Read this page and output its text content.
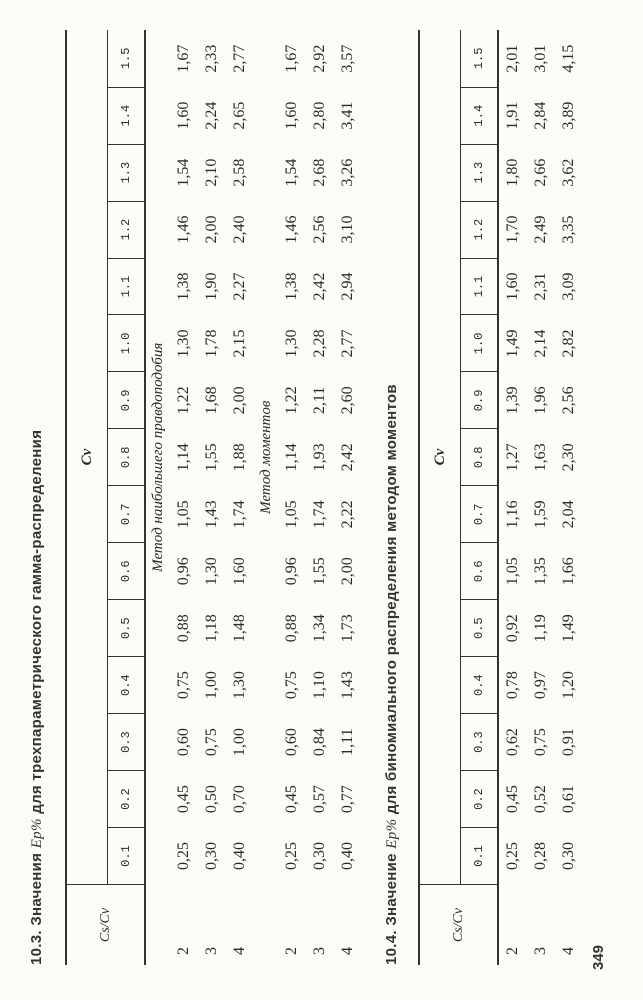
10.3. Значения Ep% для трехпараметрического гамма-распределения
Cs/Cv	Cv														
	0.1	0.2	0.3	0.4	0.5	0.6	0.7	0.8	0.9	1.0	1.1	1.2	1.3	1.4	1.5
	Метод наибольшего правдоподобия														
2	0,25	0,45	0,60	0,75	0,88	0,96	1,05	1,14	1,22	1,30	1,38	1,46	1,54	1,60	1,67
3	0,30	0,50	0,75	1,00	1,18	1,30	1,43	1,55	1,68	1,78	1,90	2,00	2,10	2,24	2,33
4	0,40	0,70	1,00	1,30	1,48	1,60	1,74	1,88	2,00	2,15	2,27	2,40	2,58	2,65	2,77
	Метод моментов														
2	0,25	0,45	0,60	0,75	0,88	0,96	1,05	1,14	1,22	1,30	1,38	1,46	1,54	1,60	1,67
3	0,30	0,57	0,84	1,10	1,34	1,55	1,74	1,93	2,11	2,28	2,42	2,56	2,68	2,80	2,92
4	0,40	0,77	1,11	1,43	1,73	2,00	2,22	2,42	2,60	2,77	2,94	3,10	3,26	3,41	3,57
10.4. Значение Ep% для биномиального распределения методом моментов
Cs/Cv	Cv														
	0.1	0.2	0.3	0.4	0.5	0.6	0.7	0.8	0.9	1.0	1.1	1.2	1.3	1.4	1.5
2	0,25	0,45	0,62	0,78	0,92	1,05	1,16	1,27	1,39	1,49	1,60	1,70	1,80	1,91	2,01
3	0,28	0,52	0,75	0,97	1,19	1,35	1,59	1,63	1,96	2,14	2,31	2,49	2,66	2,84	3,01
4	0,30	0,61	0,91	1,20	1,49	1,66	2,04	2,30	2,56	2,82	3,09	3,35	3,62	3,89	4,15
349
